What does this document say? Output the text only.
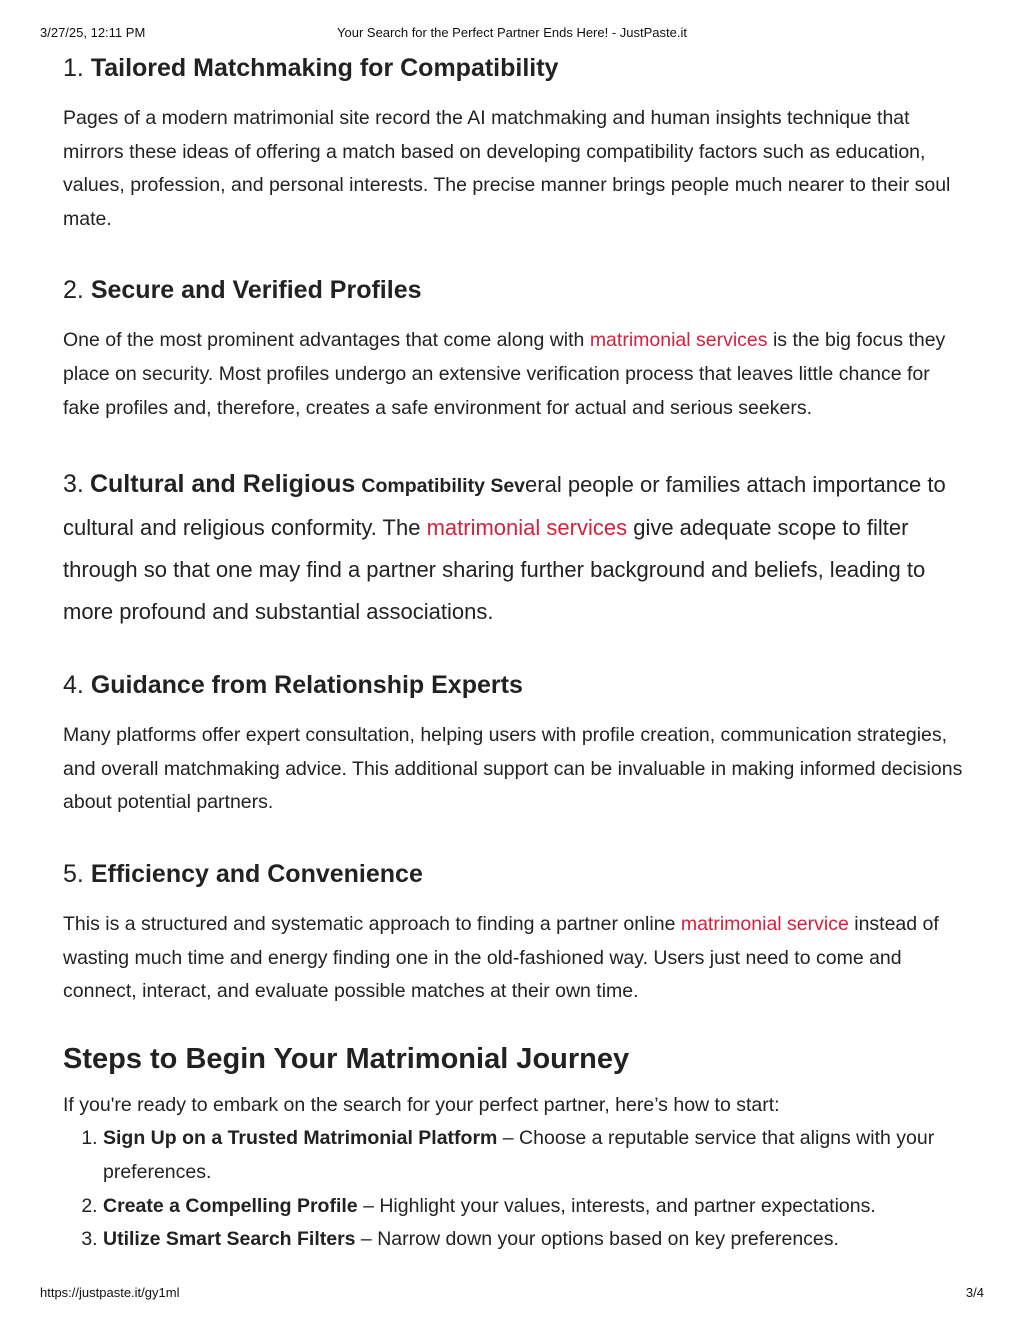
3/27/25, 12:11 PM	Your Search for the Perfect Partner Ends Here! - JustPaste.it
1. Tailored Matchmaking for Compatibility

Pages of a modern matrimonial site record the AI matchmaking and human insights technique that mirrors these ideas of offering a match based on developing compatibility factors such as education, values, profession, and personal interests. The precise manner brings people much nearer to their soul mate.

2. Secure and Verified Profiles

One of the most prominent advantages that come along with matrimonial services is the big focus they place on security. Most profiles undergo an extensive verification process that leaves little chance for fake profiles and, therefore, creates a safe environment for actual and serious seekers.

3. Cultural and Religious Compatibility Several people or families attach importance to cultural and religious conformity. The matrimonial services give adequate scope to filter through so that one may find a partner sharing further background and beliefs, leading to more profound and substantial associations.

4. Guidance from Relationship Experts

Many platforms offer expert consultation, helping users with profile creation, communication strategies, and overall matchmaking advice. This additional support can be invaluable in making informed decisions about potential partners.

5. Efficiency and Convenience

This is a structured and systematic approach to finding a partner online matrimonial service instead of wasting much time and energy finding one in the old-fashioned way. Users just need to come and connect, interact, and evaluate possible matches at their own time.

Steps to Begin Your Matrimonial Journey

If you're ready to embark on the search for your perfect partner, here’s how to start:

1. Sign Up on a Trusted Matrimonial Platform – Choose a reputable service that aligns with your preferences.
2. Create a Compelling Profile – Highlight your values, interests, and partner expectations.
3. Utilize Smart Search Filters – Narrow down your options based on key preferences.
https://justpaste.it/gy1ml	3/4
